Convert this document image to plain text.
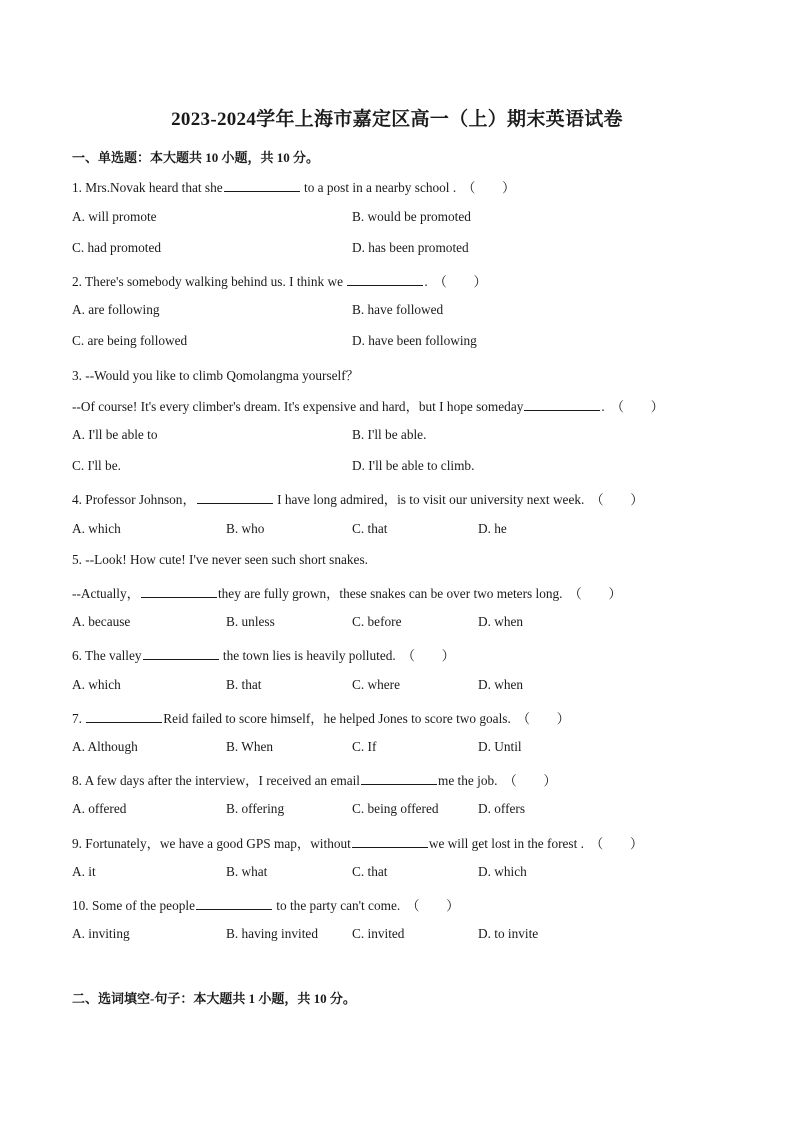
2023-2024学年上海市嘉定区高一（上）期末英语试卷
一、单选题：本大题共 10 小题，共 10 分。
1. Mrs.Novak heard that she	to a post in a nearby school . （　　）
A. will promote	B. would be promoted
C. had promoted	D. has been promoted
2. There's somebody walking behind us. I think we	. （　　）
A. are following	B. have followed
C. are being followed	D. have been following
3. --Would you like to climb Qomolangma yourself？
--Of course! It's every climber's dream. It's expensive and hard，but I hope someday	. （　　）
A. I'll be able to	B. I'll be able.
C. I'll be.	D. I'll be able to climb.
4. Professor Johnson，	I have long admired，is to visit our university next week. （　　）
A. which	B. who	C. that	D. he
5. --Look! How cute! I've never seen such short snakes.
--Actually，	they are fully grown，these snakes can be over two meters long. （　　）
A. because	B. unless	C. before	D. when
6. The valley	the town lies is heavily polluted. （　　）
A. which	B. that	C. where	D. when
7.	Reid failed to score himself，he helped Jones to score two goals. （　　）
A. Although	B. When	C. If	D. Until
8. A few days after the interview，I received an email	me the job. （　　）
A. offered	B. offering	C. being offered	D. offers
9. Fortunately，we have a good GPS map，without	we will get lost in the forest . （　　）
A. it	B. what	C. that	D. which
10. Some of the people	to the party can't come. （　　）
A. inviting	B. having invited	C. invited	D. to invite
二、选词填空-句子：本大题共 1 小题，共 10 分。
